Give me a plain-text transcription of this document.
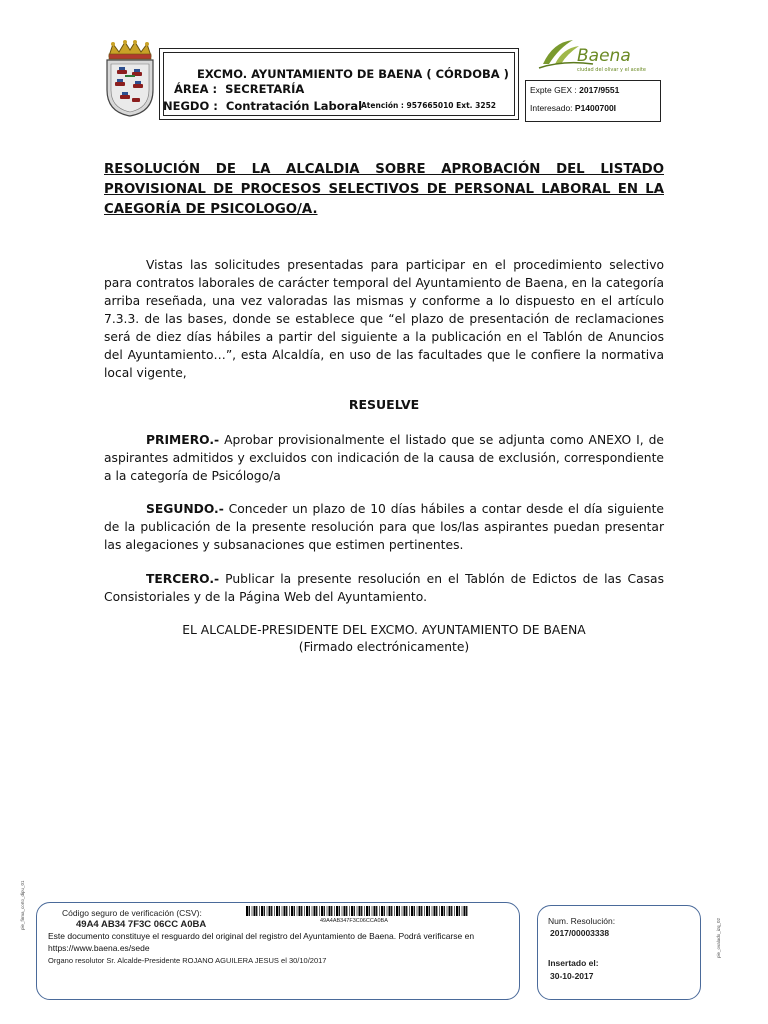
EXCMO. AYUNTAMIENTO DE BAENA ( CÓRDOBA )
ÁREA : SECRETARÍA
NEGDO : Contratación Laboral
Atención : 957665010 Ext. 3252
Baena
ciudad del olivar y el aceite
Expte GEX : 2017/9551
Interesado: P1400700I
RESOLUCIÓN DE LA ALCALDIA SOBRE APROBACIÓN DEL LISTADO PROVISIONAL DE PROCESOS SELECTIVOS DE PERSONAL LABORAL EN LA CAEGORÍA DE PSICOLOGO/A.
Vistas las solicitudes presentadas para participar en el procedimiento selectivo para contratos laborales de carácter temporal del Ayuntamiento de Baena, en la categoría arriba reseñada, una vez valoradas las mismas y conforme a lo dispuesto en el artículo 7.3.3. de las bases, donde se establece que “el plazo de presentación de reclamaciones será de diez días hábiles a partir del siguiente a la publicación en el Tablón de Anuncios del Ayuntamiento…”, esta Alcaldía, en uso de las facultades que le confiere la normativa local vigente,
RESUELVE
PRIMERO.- Aprobar provisionalmente el listado que se adjunta como ANEXO I, de aspirantes admitidos y excluidos con indicación de la causa de exclusión, correspondiente a la categoría de Psicólogo/a
SEGUNDO.- Conceder un plazo de 10 días hábiles a contar desde el día siguiente de la publicación de la presente resolución para que los/las aspirantes puedan presentar las alegaciones y subsanaciones que estimen pertinentes.
TERCERO.- Publicar la presente resolución en el Tablón de Edictos de las Casas Consistoriales y de la Página Web del Ayuntamiento.
EL ALCALDE-PRESIDENTE DEL EXCMO. AYUNTAMIENTO DE BAENA
(Firmado electrónicamente)
Código seguro de verificación (CSV):
49A4 AB34 7F3C 06CC A0BA	49A4AB347F3C06CCA0BA
Este documento constituye el resguardo del original del registro del Ayuntamiento de Baena. Podrá verificarse en https://www.baena.es/sede
Organo resolutor Sr. Alcalde-Presidente ROJANO AGUILERA JESUS el 30/10/2017
Num. Resolución:
2017/00003338
Insertado el:
30-10-2017
pie_firma_corto_dipu_01
pie_ovalado_izq_02
